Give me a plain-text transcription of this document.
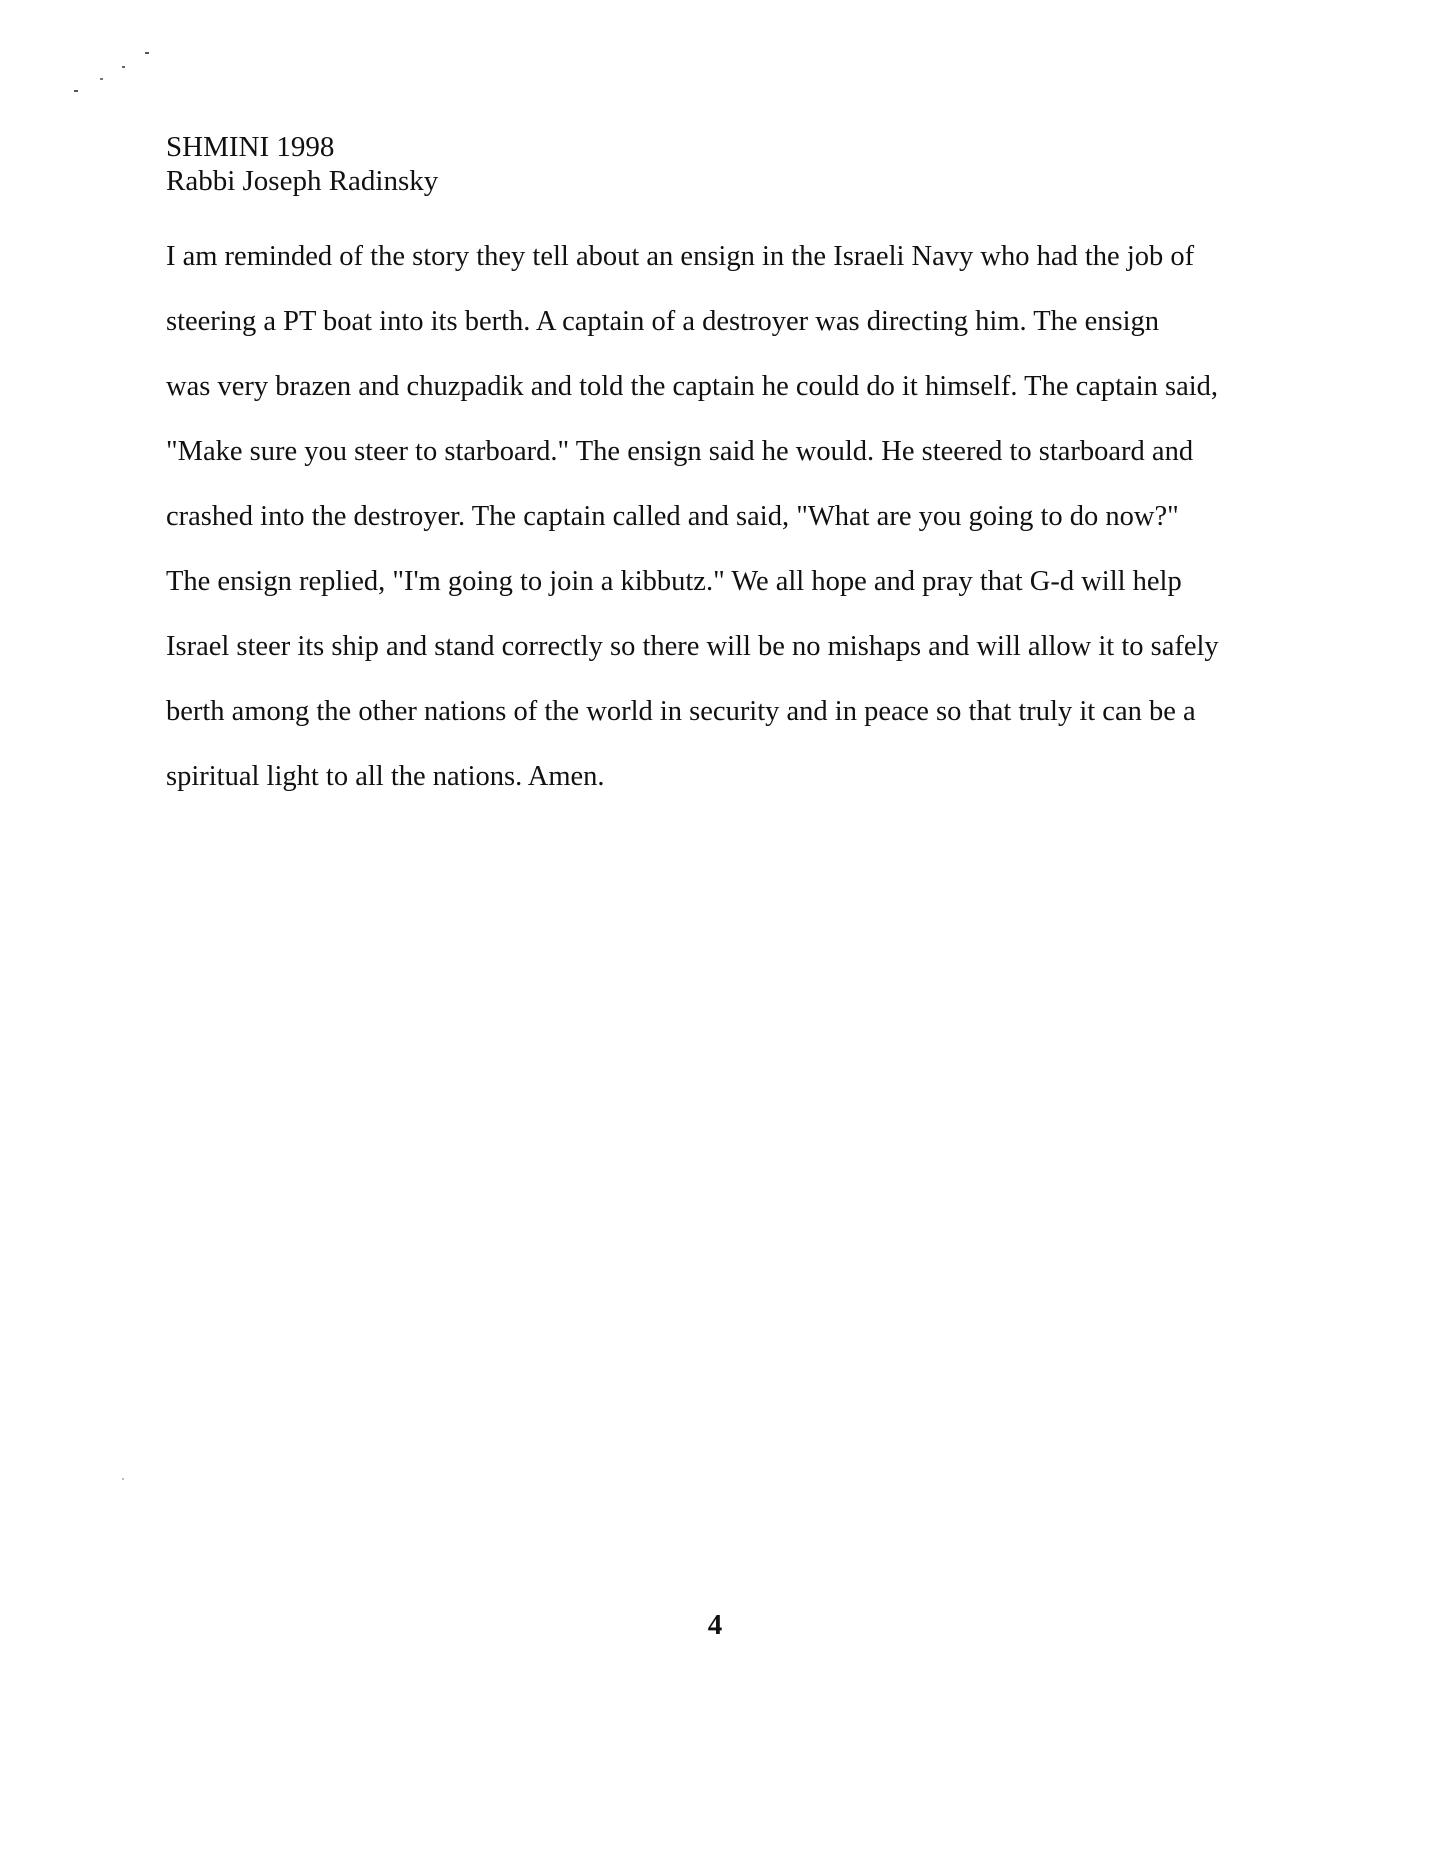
SHMINI 1998
Rabbi Joseph Radinsky
I am reminded of the story they tell about an ensign in the Israeli Navy who had the job of
steering a PT boat into its berth. A captain of a destroyer was directing him. The ensign
was very brazen and chuzpadik and told the captain he could do it himself. The captain said,
"Make sure you steer to starboard." The ensign said he would. He steered to starboard and
crashed into the destroyer. The captain called and said, "What are you going to do now?"
The ensign replied, "I'm going to join a kibbutz." We all hope and pray that G-d will help
Israel steer its ship and stand correctly so there will be no mishaps and will allow it to safely
berth among the other nations of the world in security and in peace so that truly it can be a
spiritual light to all the nations. Amen.
4
